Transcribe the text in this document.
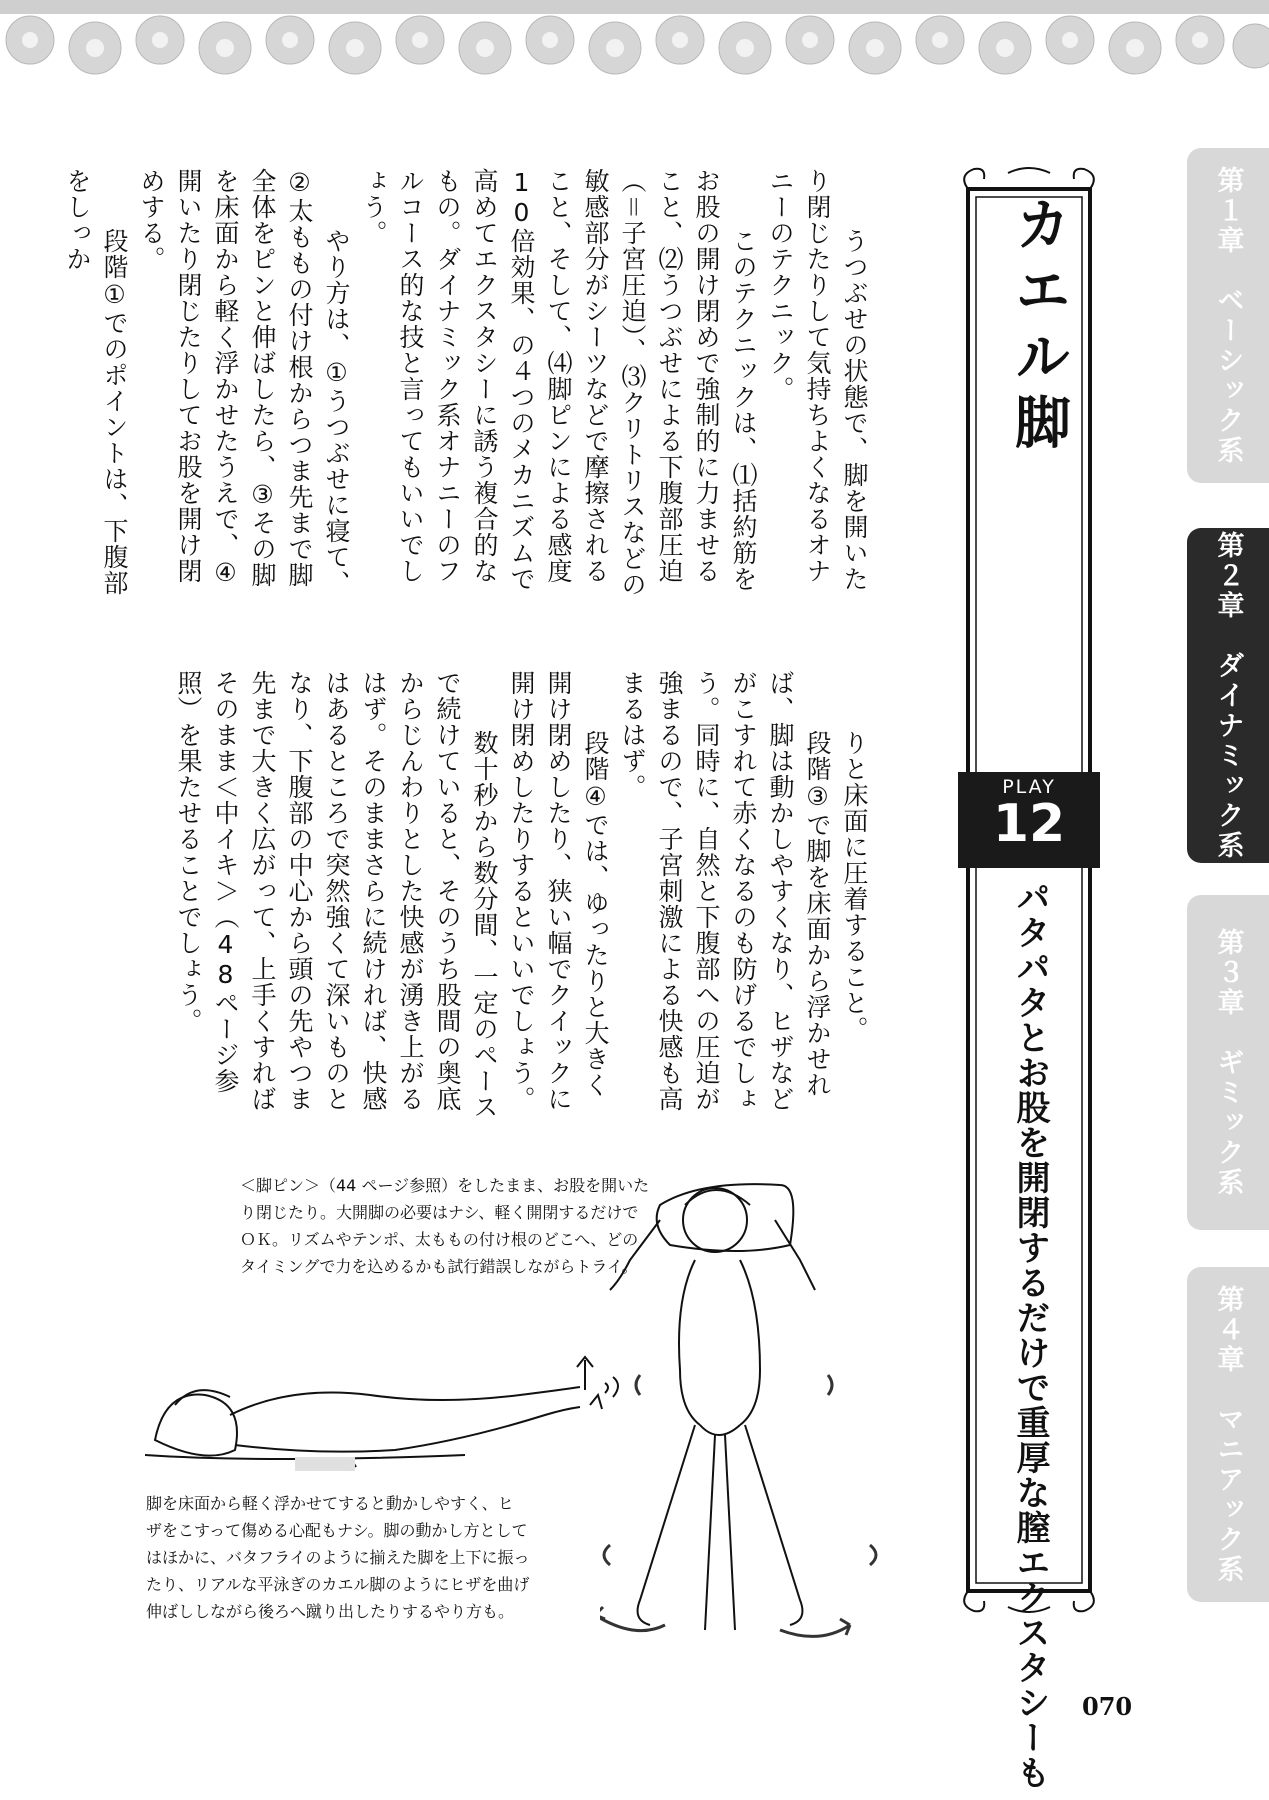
カエル脚
PLAY
12
パタパタとお股を開閉するだけで重厚な膣エクスタシーも

うつぶせの状態で、脚を開いたり閉じたりして気持ちよくなるオナニーのテクニック。
このテクニックは、⑴括約筋をお股の開け閉めで強制的に力ませること、⑵うつぶせによる下腹部圧迫（＝子宮圧迫）、⑶クリトリスなどの敏感部分がシーツなどで摩擦されること、そして、⑷脚ピンによる感度10倍効果、の４つのメカニズムで高めてエクスタシーに誘う複合的なもの。ダイナミック系オナニーのフルコース的な技と言ってもいいでしょう。
やり方は、①うつぶせに寝て、②太ももの付け根からつま先まで脚全体をピンと伸ばしたら、③その脚を床面から軽く浮かせたうえで、④開いたり閉じたりしてお股を開け閉めする。
段階①でのポイントは、下腹部をしっか

りと床面に圧着すること。
段階③で脚を床面から浮かせれば、脚は動かしやすくなり、ヒザなどがこすれて赤くなるのも防げるでしょう。同時に、自然と下腹部への圧迫が強まるので、子宮刺激による快感も高まるはず。
段階④では、ゆったりと大きく開け閉めしたり、狭い幅でクイックに開け閉めしたりするといいでしょう。
数十秒から数分間、一定のペースで続けていると、そのうち股間の奥底からじんわりとした快感が湧き上がるはず。そのままさらに続ければ、快感はあるところで突然強くて深いものとなり、下腹部の中心から頭の先やつま先まで大きく広がって、上手くすればそのまま＜中イキ＞（48ページ参照）を果たせることでしょう。

＜脚ピン＞（44 ページ参照）をしたまま、お股を開いた
り閉じたり。大開脚の必要はナシ、軽く開閉するだけで
ＯＫ。リズムやテンポ、太ももの付け根のどこへ、どの
タイミングで力を込めるかも試行錯誤しながらトライ。
脚を床面から軽く浮かせてすると動かしやすく、ヒ
ザをこすって傷める心配もナシ。脚の動かし方として
はほかに、バタフライのように揃えた脚を上下に振っ
たり、リアルな平泳ぎのカエル脚のようにヒザを曲げ
伸ばししながら後ろへ蹴り出したりするやり方も。
第１章　ベーシック系
第２章　ダイナミック系
第３章　ギミック系
第４章　マニアック系
070
